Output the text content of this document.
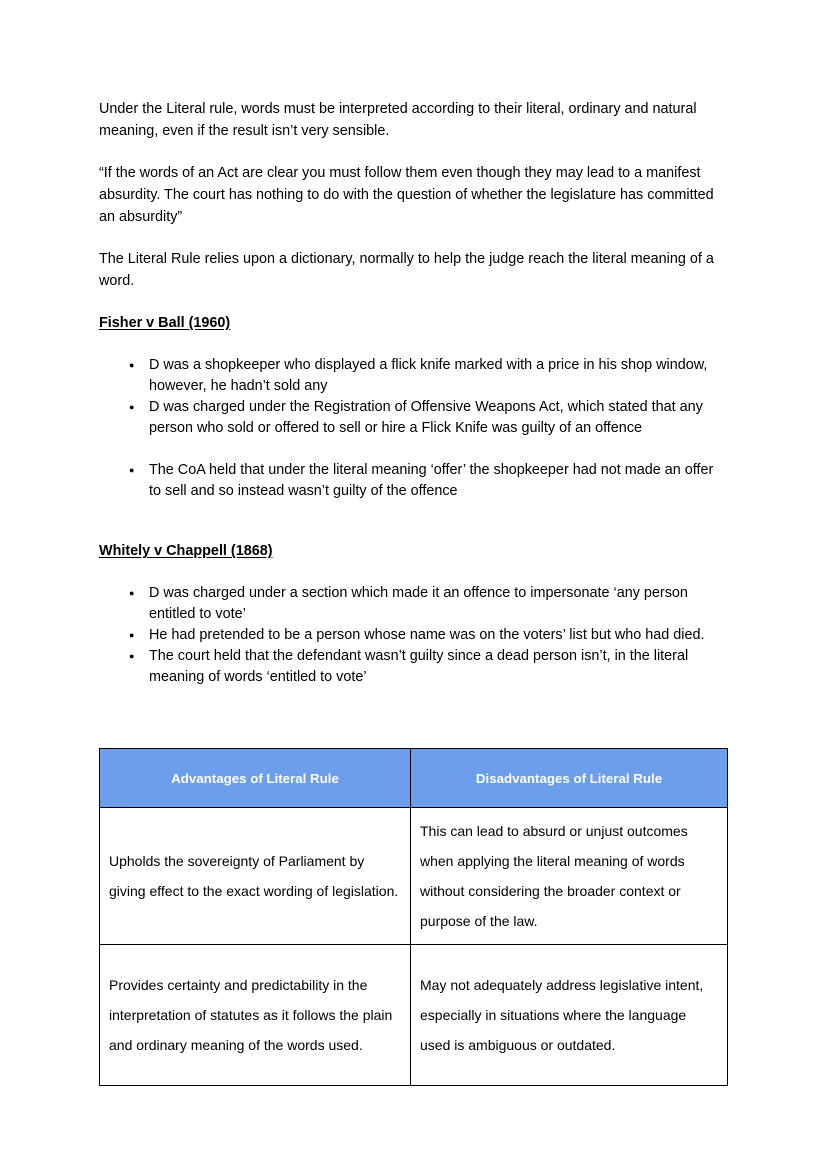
Under the Literal rule, words must be interpreted according to their literal, ordinary and natural meaning, even if the result isn’t very sensible.

“If the words of an Act are clear you must follow them even though they may lead to a manifest absurdity. The court has nothing to do with the question of whether the legislature has committed an absurdity”

The Literal Rule relies upon a dictionary, normally to help the judge reach the literal meaning of a word.

Fisher v Ball (1960)
● D was a shopkeeper who displayed a flick knife marked with a price in his shop window, however, he hadn’t sold any
● D was charged under the Registration of Offensive Weapons Act, which stated that any person who sold or offered to sell or hire a Flick Knife was guilty of an offence
● The CoA held that under the literal meaning ‘offer’ the shopkeeper had not made an offer to sell and so instead wasn’t guilty of the offence
Whitely v Chappell (1868)
● D was charged under a section which made it an offence to impersonate ‘any person entitled to vote’
● He had pretended to be a person whose name was on the voters’ list but who had died.
● The court held that the defendant wasn’t guilty since a dead person isn’t, in the literal meaning of words ‘entitled to vote’
Advantages of Literal Rule	Disadvantages of Literal Rule
Upholds the sovereignty of Parliament by giving effect to the exact wording of legislation.	This can lead to absurd or unjust outcomes when applying the literal meaning of words without considering the broader context or purpose of the law.
Provides certainty and predictability in the interpretation of statutes as it follows the plain and ordinary meaning of the words used.	May not adequately address legislative intent, especially in situations where the language used is ambiguous or outdated.
